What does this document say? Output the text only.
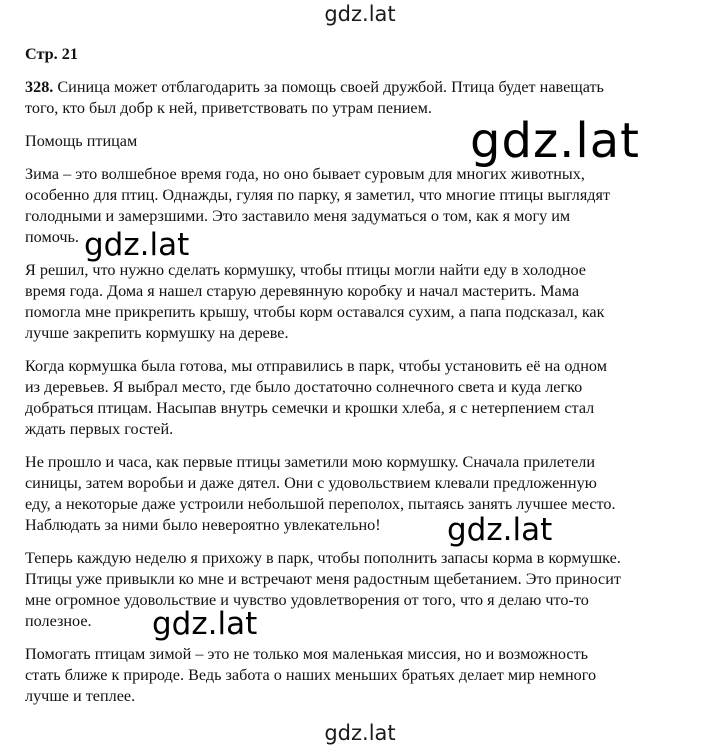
gdz.lat
Стр. 21
328. Синица может отблагодарить за помощь своей дружбой. Птица будет навещать
того, кто был добр к ней, приветствовать по утрам пением.
Помощь птицам
Зима – это волшебное время года, но оно бывает суровым для многих животных,
особенно для птиц. Однажды, гуляя по парку, я заметил, что многие птицы выглядят
голодными и замерзшими. Это заставило меня задуматься о том, как я могу им
помочь.
Я решил, что нужно сделать кормушку, чтобы птицы могли найти еду в холодное
время года. Дома я нашел старую деревянную коробку и начал мастерить. Мама
помогла мне прикрепить крышу, чтобы корм оставался сухим, а папа подсказал, как
лучше закрепить кормушку на дереве.
Когда кормушка была готова, мы отправились в парк, чтобы установить её на одном
из деревьев. Я выбрал место, где было достаточно солнечного света и куда легко
добраться птицам. Насыпав внутрь семечки и крошки хлеба, я с нетерпением стал
ждать первых гостей.
Не прошло и часа, как первые птицы заметили мою кормушку. Сначала прилетели
синицы, затем воробьи и даже дятел. Они с удовольствием клевали предложенную
еду, а некоторые даже устроили небольшой переполох, пытаясь занять лучшее место.
Наблюдать за ними было невероятно увлекательно!
Теперь каждую неделю я прихожу в парк, чтобы пополнить запасы корма в кормушке.
Птицы уже привыкли ко мне и встречают меня радостным щебетанием. Это приносит
мне огромное удовольствие и чувство удовлетворения от того, что я делаю что-то
полезное.
Помогать птицам зимой – это не только моя маленькая миссия, но и возможность
стать ближе к природе. Ведь забота о наших меньших братьях делает мир немного
лучше и теплее.
gdz.lat
gdz.lat
gdz.lat
gdz.lat
gdz.lat
